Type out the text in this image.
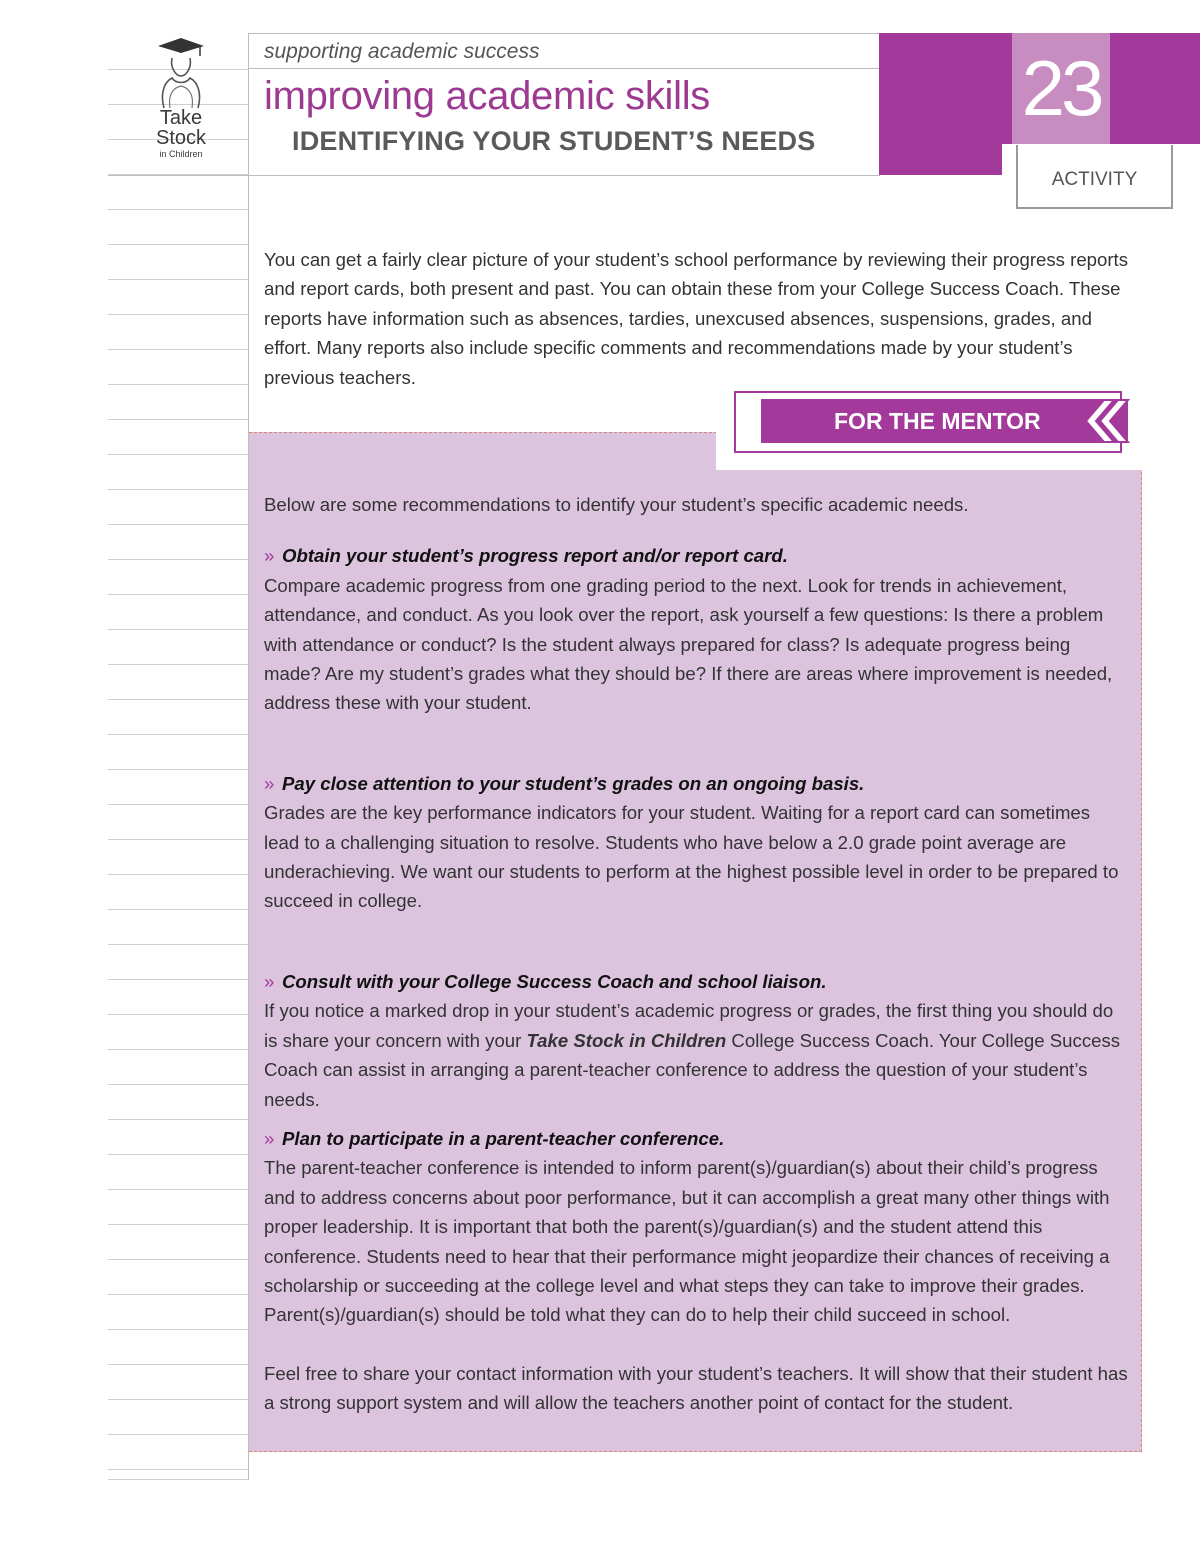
Take
Stock
in Children
supporting academic success
improving academic skills
IDENTIFYING YOUR STUDENT’S NEEDS
23
ACTIVITY
You can get a fairly clear picture of your student’s school performance by reviewing their progress reports and report cards, both present and past. You can obtain these from your College Success Coach. These reports have information such as absences, tardies, unexcused absences, suspensions, grades, and effort. Many reports also include specific comments and recommendations made by your student’s previous teachers.
FOR THE MENTOR

Below are some recommendations to identify your student’s specific academic needs.

» Obtain your student’s progress report and/or report card.

Compare academic progress from one grading period to the next. Look for trends in achievement, attendance, and conduct. As you look over the report, ask yourself a few questions: Is there a problem with attendance or conduct? Is the student always prepared for class? Is adequate progress being made? Are my student’s grades what they should be? If there are areas where improvement is needed, address these with your student.

» Pay close attention to your student’s grades on an ongoing basis.

Grades are the key performance indicators for your student. Waiting for a report card can sometimes lead to a challenging situation to resolve. Students who have below a 2.0 grade point average are underachieving. We want our students to perform at the highest possible level in order to be prepared to succeed in college.

» Consult with your College Success Coach and school liaison.

If you notice a marked drop in your student’s academic progress or grades, the first thing you should do is share your concern with your Take Stock in Children College Success Coach. Your College Success Coach can assist in arranging a parent-teacher conference to address the question of your student’s needs.

» Plan to participate in a parent-teacher conference.

The parent-teacher conference is intended to inform parent(s)/guardian(s) about their child’s progress and to address concerns about poor performance, but it can accomplish a great many other things with proper leadership. It is important that both the parent(s)/guardian(s) and the student attend this conference. Students need to hear that their performance might jeopardize their chances of receiving a scholarship or succeeding at the college level and what steps they can take to improve their grades. Parent(s)/guardian(s) should be told what they can do to help their child succeed in school.

Feel free to share your contact information with your student’s teachers. It will show that their student has a strong support system and will allow the teachers another point of contact for the student.
